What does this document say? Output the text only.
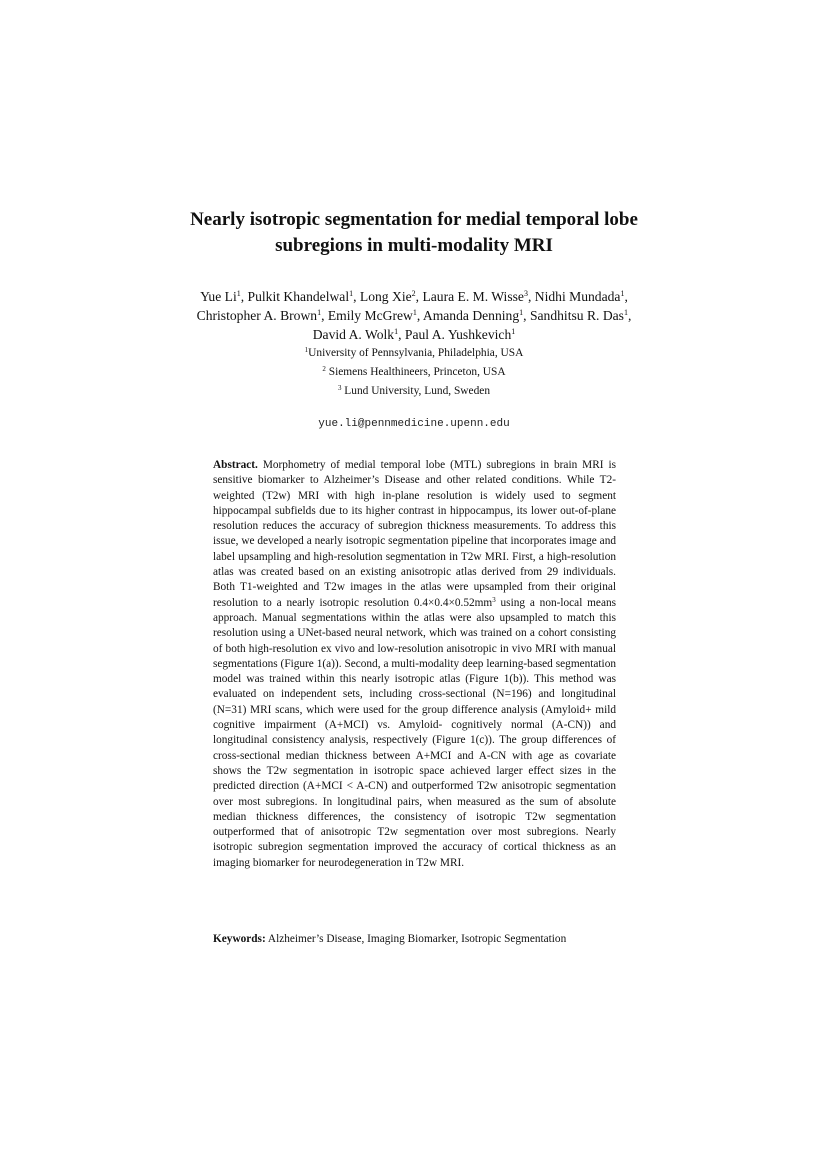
Nearly isotropic segmentation for medial temporal lobe
subregions in multi-modality MRI
Yue Li$^1$, Pulkit Khandelwal$^1$, Long Xie$^2$, Laura E. M. Wisse$^3$, Nidhi Mundada$^1$,
Christopher A. Brown$^1$, Emily McGrew$^1$, Amanda Denning$^1$, Sandhitsu R. Das$^1$,
David A. Wolk$^1$, Paul A. Yushkevich$^1$
$^1$University of Pennsylvania, Philadelphia, USA
$^2$ Siemens Healthineers, Princeton, USA
$^3$ Lund University, Lund, Sweden
yue.li@pennmedicine.upenn.edu
Abstract. Morphometry of medial temporal lobe (MTL) subregions in brain MRI is sensitive biomarker to Alzheimer’s Disease and other related conditions. While T2-weighted (T2w) MRI with high in-plane resolution is widely used to segment hippocampal subfields due to its higher contrast in hippocampus, its lower out-of-plane resolution reduces the accuracy of subregion thickness measurements. To address this issue, we developed a nearly isotropic segmentation pipeline that incorporates image and label upsampling and high-resolution segmentation in T2w MRI. First, a high-resolution atlas was created based on an existing anisotropic atlas derived from 29 individuals. Both T1-weighted and T2w images in the atlas were upsampled from their original resolution to a nearly isotropic resolution $0.4\times 0.4\times 0.52mm^3$ using a non-local means approach. Manual segmentations within the atlas were also upsampled to match this resolution using a UNet-based neural network, which was trained on a cohort consisting of both high-resolution ex vivo and low-resolution anisotropic in vivo MRI with manual segmentations (Figure 1(a)). Second, a multi-modality deep learning-based segmentation model was trained within this nearly isotropic atlas (Figure 1(b)). This method was evaluated on independent sets, including cross-sectional (N=196) and longitudinal (N=31) MRI scans, which were used for the group difference analysis (Amyloid+ mild cognitive impairment (A+MCI) vs. Amyloid- cognitively normal (A-CN)) and longitudinal consistency analysis, respectively (Figure 1(c)). The group differences of cross-sectional median thickness between A+MCI and A-CN with age as covariate shows the T2w segmentation in isotropic space achieved larger effect sizes in the predicted direction (A+MCI < A-CN) and outperformed T2w anisotropic segmentation over most subregions. In longitudinal pairs, when measured as the sum of absolute median thickness differences, the consistency of isotropic T2w segmentation outperformed that of anisotropic T2w segmentation over most subregions. Nearly isotropic subregion segmentation improved the accuracy of cortical thickness as an imaging biomarker for neurodegeneration in T2w MRI.
Keywords: Alzheimer’s Disease, Imaging Biomarker, Isotropic Segmentation
